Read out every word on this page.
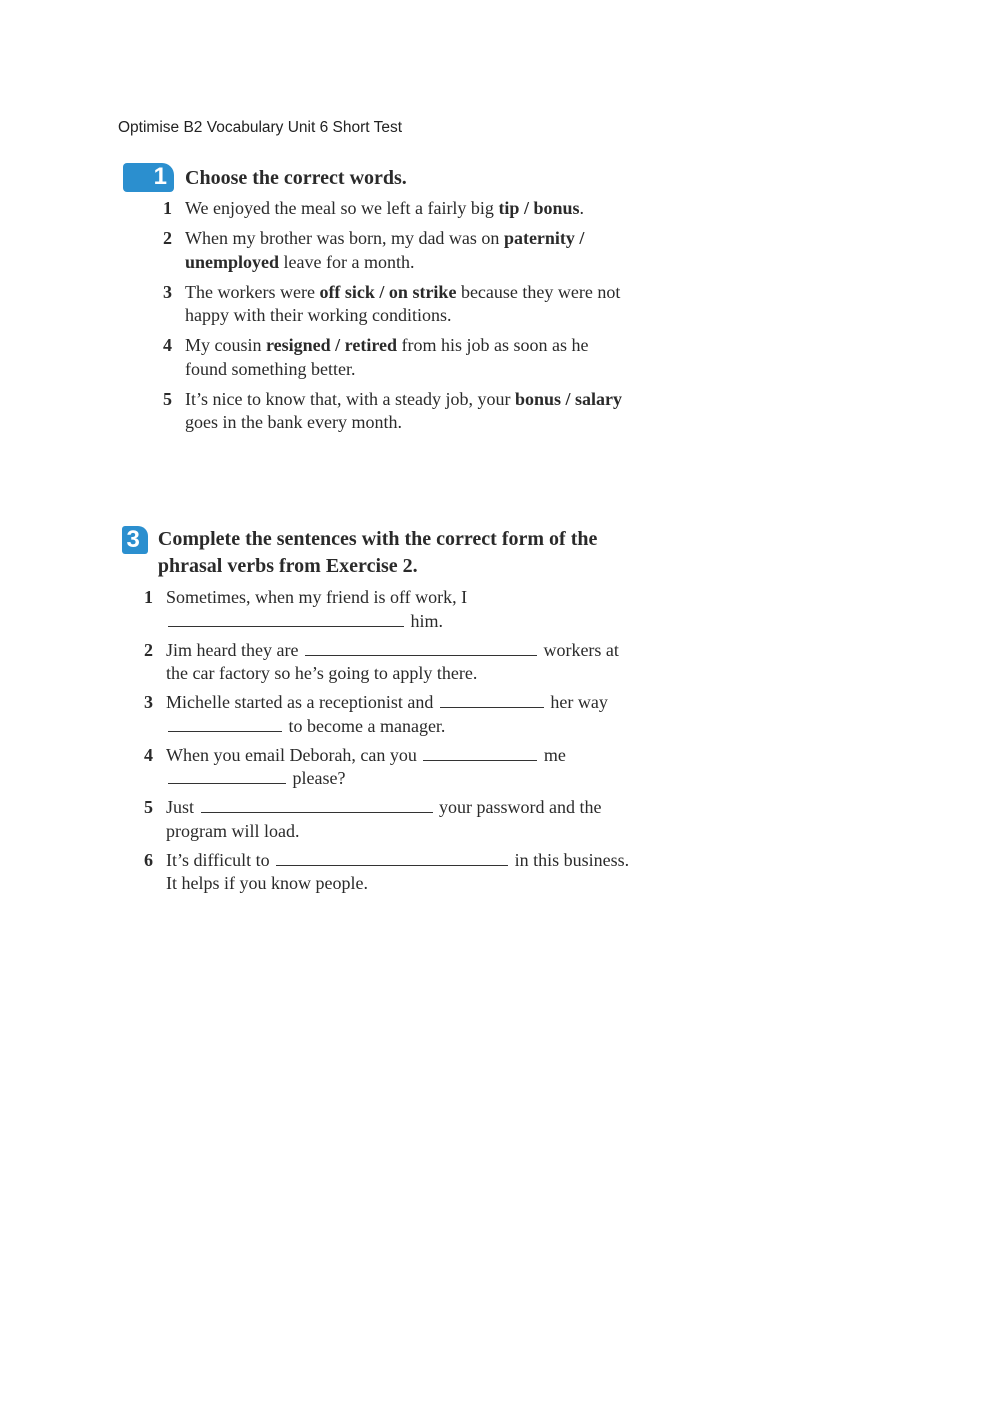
Optimise B2 Vocabulary Unit 6 Short Test
1 Choose the correct words.
1 We enjoyed the meal so we left a fairly big tip / bonus.
2 When my brother was born, my dad was on paternity / unemployed leave for a month.
3 The workers were off sick / on strike because they were not happy with their working conditions.
4 My cousin resigned / retired from his job as soon as he found something better.
5 It’s nice to know that, with a steady job, your bonus / salary goes in the bank every month.
3 Complete the sentences with the correct form of the phrasal verbs from Exercise 2.
1 Sometimes, when my friend is off work, I  him.
2 Jim heard they are	workers at the car factory so he’s going to apply there.
3 Michelle started as a receptionist and	her way  to become a manager.
4 When you email Deborah, can you	me  please?
5 Just	your password and the program will load.
6 It’s difficult to	in this business. It helps if you know people.
